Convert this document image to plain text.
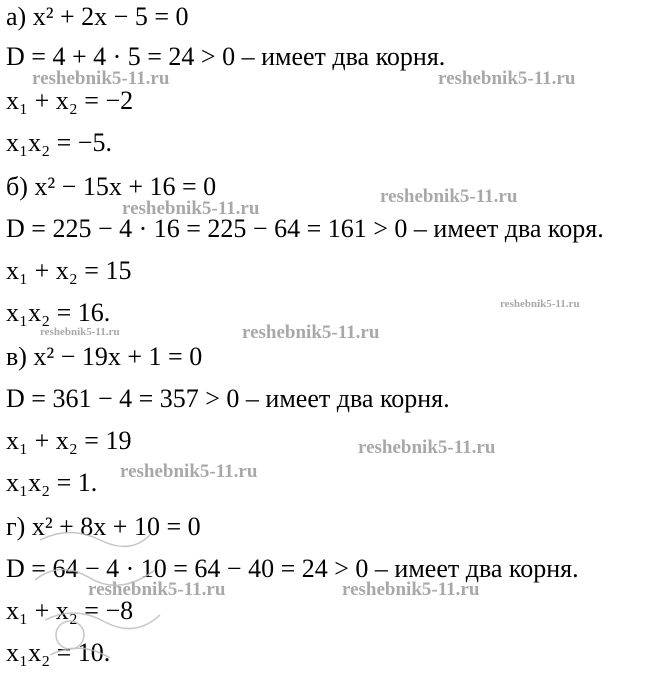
а) x² + 2x − 5 = 0
D = 4 + 4 · 5 = 24 > 0 – имеет два корня.
x₁ + x₂ = −2
x₁x₂ = −5.
б) x² − 15x + 16 = 0
D = 225 − 4 · 16 = 225 − 64 = 161 > 0 – имеет два коря.
x₁ + x₂ = 15
x₁x₂ = 16.
в) x² − 19x + 1 = 0
D = 361 − 4 = 357 > 0 – имеет два корня.
x₁ + x₂ = 19
x₁x₂ = 1.
г) x² + 8x + 10 = 0
D = 64 − 4 · 10 = 64 − 40 = 24 > 0 – имеет два корня.
x₁ + x₂ = −8
x₁x₂ = 10.
reshebnik5-11.ru	reshebnik5-11.ru
reshebnik5-11.ru
reshebnik5-11.ru
reshebnik5-11.ru
reshebnik5-11.ru	reshebnik5-11.ru
reshebnik5-11.ru
reshebnik5-11.ru
reshebnik5-11.ru	reshebnik5-11.ru
